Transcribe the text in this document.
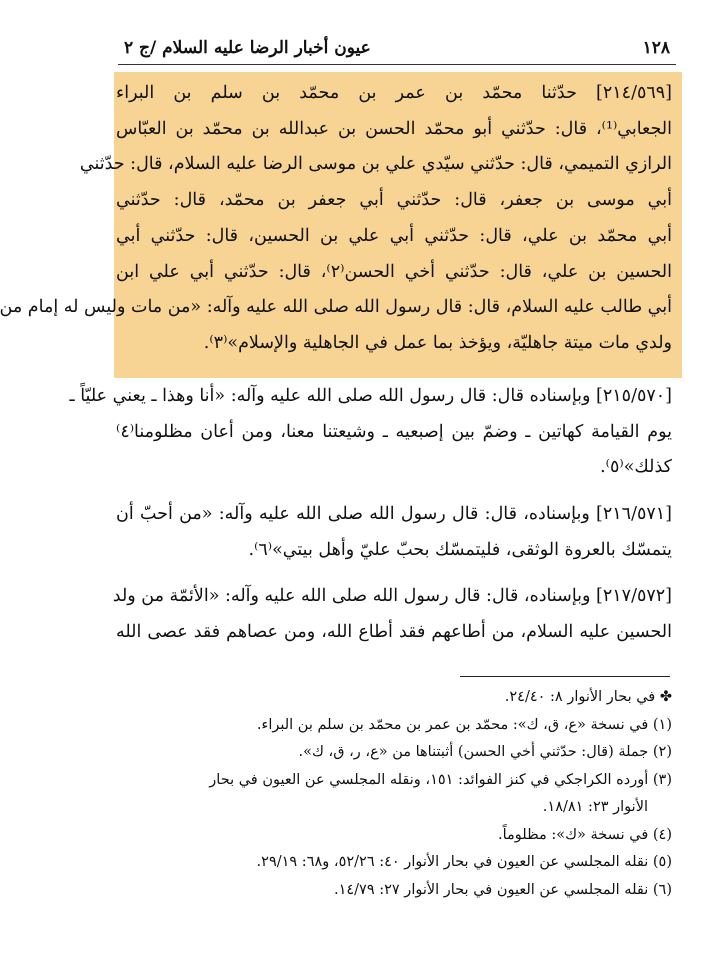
١٢٨
عيون أخبار الرضا عليه السلام /ج ٢
[٢١٤/٥٦٩] حدّثنا محمّد بن عمر بن محمّد بن سلم بن البراء
الجعابي⁽¹⁾، قال: حدّثني أبو محمّد الحسن بن عبدالله بن محمّد بن العبّاس
الرازي التميمي، قال: حدّثني سيّدي علي بن موسى الرضا عليه السلام، قال: حدّثني
أبي موسى بن جعفر، قال: حدّثني أبي جعفر بن محمّد، قال: حدّثني
أبي محمّد بن علي، قال: حدّثني أبي علي بن الحسين، قال: حدّثني أبي
الحسين بن علي، قال: حدّثني أخي الحسن⁽٢⁾، قال: حدّثني أبي علي ابن
أبي طالب عليه السلام، قال: قال رسول الله صلى الله عليه وآله: «من مات وليس له إمام من
ولدي مات ميتة جاهليّة، ويؤخذ بما عمل في الجاهلية والإسلام»⁽٣⁾.
[٢١٥/٥٧٠] وبإسناده قال: قال رسول الله صلى الله عليه وآله: «أنا وهذا ـ يعني عليّاً ـ
يوم القيامة كهاتين ـ وضمّ بين إصبعيه ـ وشيعتنا معنا، ومن أعان مظلومنا⁽٤⁾
كذلك»⁽٥⁾.
[٢١٦/٥٧١] وبإسناده، قال: قال رسول الله صلى الله عليه وآله: «من أحبّ أن
يتمسّك بالعروة الوثقى، فليتمسّك بحبّ عليّ وأهل بيتي»⁽٦⁾.
[٢١٧/٥٧٢] وبإسناده، قال: قال رسول الله صلى الله عليه وآله: «الأئمّة من ولد
الحسين عليه السلام، من أطاعهم فقد أطاع الله، ومن عصاهم فقد عصى الله
✤ في بحار الأنوار ٨: ٢٤/٤٠.
(١) في نسخة «ع، ق، ك»: محمّد بن عمر بن محمّد بن سلم بن البراء.
(٢) جملة (قال: حدّثني أخي الحسن) أثبتناها من «ع، ر، ق، ك».
(٣) أورده الكراجكي في كنز الفوائد: ١٥١، ونقله المجلسي عن العيون في بحار
الأنوار ٢٣: ١٨/٨١.
(٤) في نسخة «ك»: مظلوماً.
(٥) نقله المجلسي عن العيون في بحار الأنوار ٤٠: ٥٢/٢٦، و٦٨: ٢٩/١٩.
(٦) نقله المجلسي عن العيون في بحار الأنوار ٢٧: ١٤/٧٩.
